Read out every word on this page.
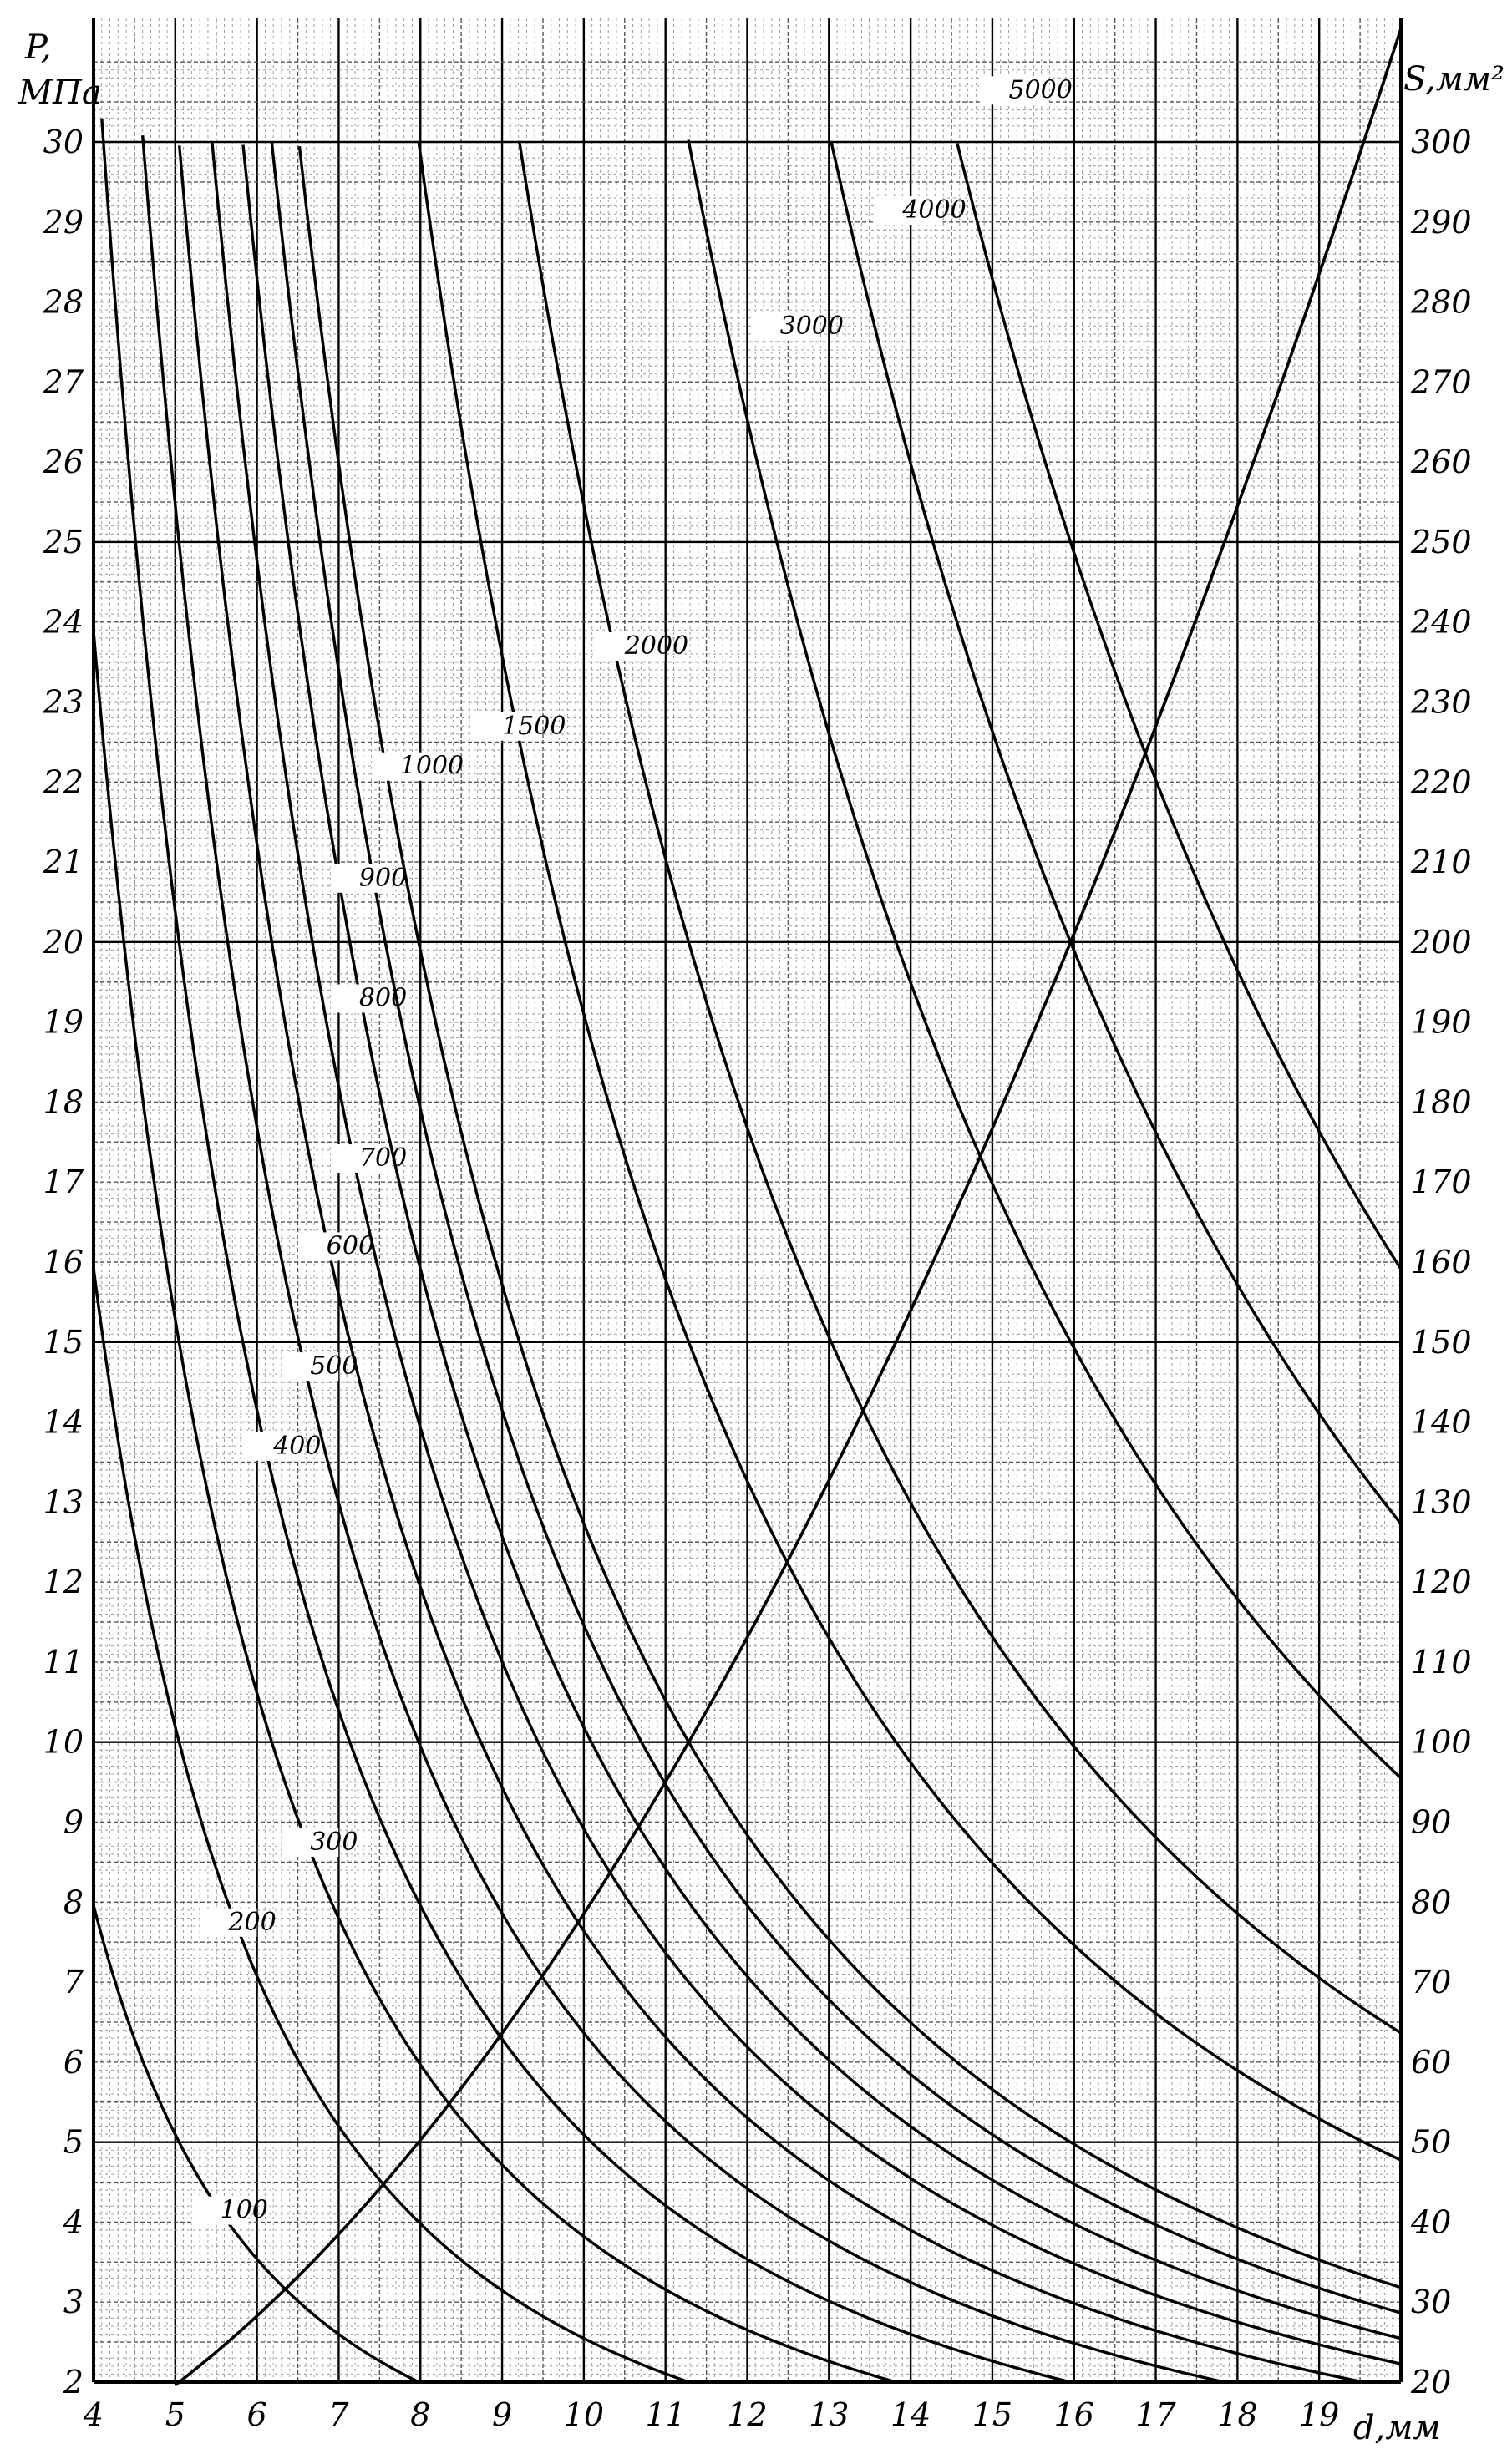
4 5 6 7 8 9 10 11 12 13 14 15 16 17 18 19
2
3
4
5
6
7
8
9
10
11
12
13
14
15
16
17
18
19
20
21
22
23
24
25
26
27
28
29
30
20
30
40
50
60
70
80
90
100
110
120
130
140
150
160
170
180
190
200
210
220
230
240
250
260
270
280
290
300
100
200
300
400
500
600
700
800
900
1000
1500
2000
3000
4000
5000
P,
МПа	S,мм²
d,мм
